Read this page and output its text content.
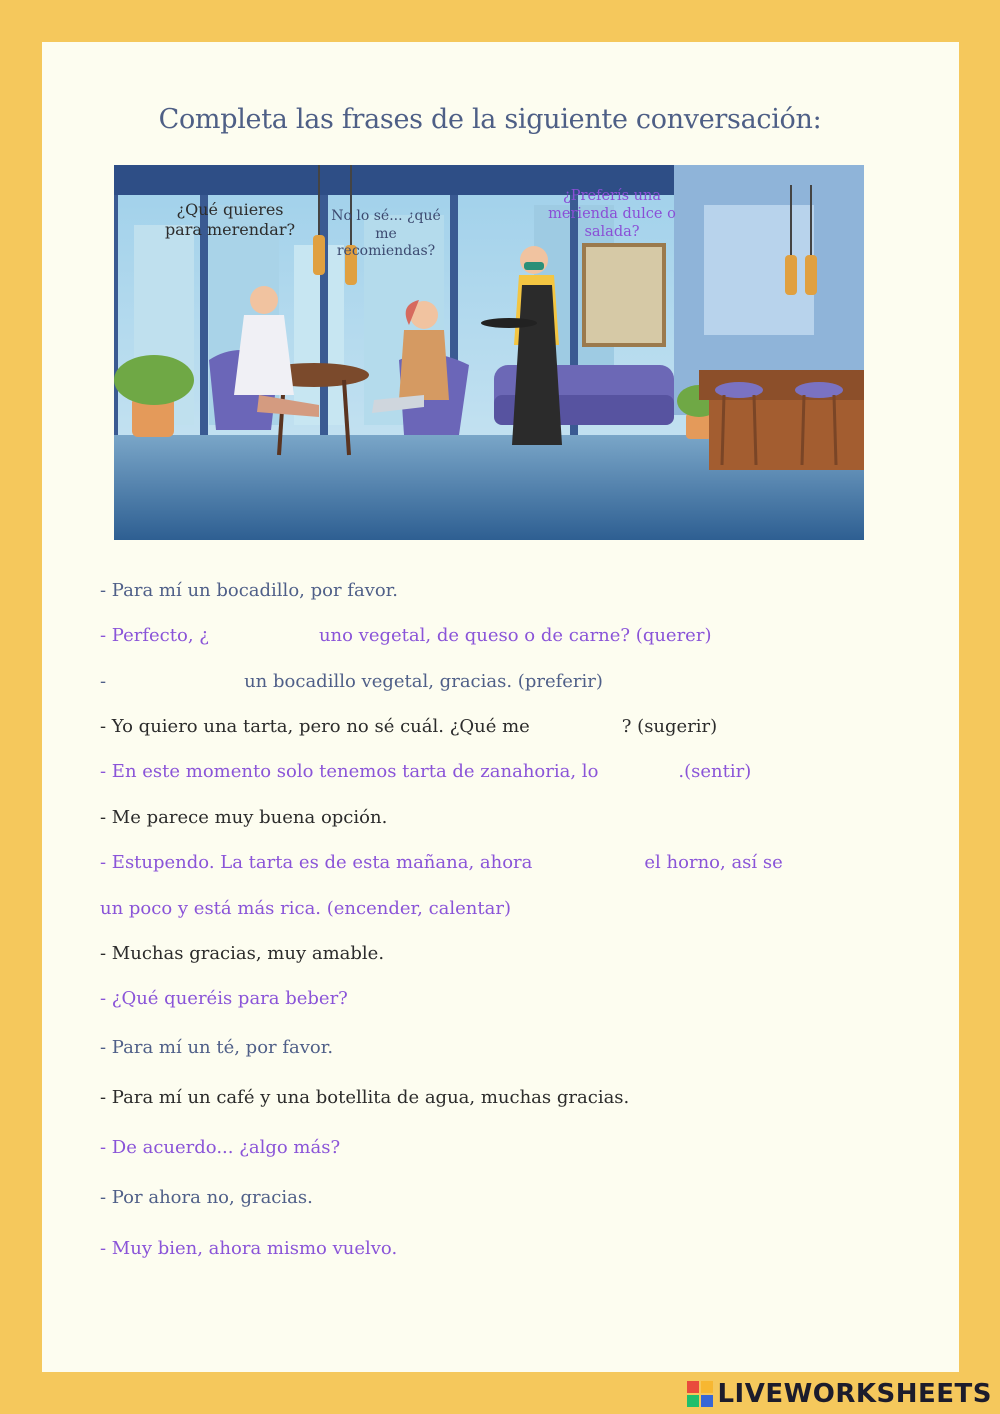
Completa las frases de la siguiente conversación:
¿Qué quieres para merendar?
No lo sé... ¿qué me recomiendas?
¿Preferís una merienda dulce o salada?
- Para mí un bocadillo, por favor.
- Perfecto, ¿	uno vegetal, de queso o de carne? (querer)
-	un bocadillo vegetal, gracias. (preferir)
- Yo quiero una tarta, pero no sé cuál. ¿Qué me	? (sugerir)
- En este momento solo tenemos tarta de zanahoria, lo	.(sentir)
- Me parece muy buena opción.
- Estupendo. La tarta es de esta mañana, ahora	el horno, así se
un poco y está más rica. (encender, calentar)
- Muchas gracias, muy amable.
- ¿Qué queréis para beber?
- Para mí un té, por favor.
- Para mí un café y una botellita de agua, muchas gracias.
- De acuerdo... ¿algo más?
- Por ahora no, gracias.
- Muy bien, ahora mismo vuelvo.
LIVEWORKSHEETS
